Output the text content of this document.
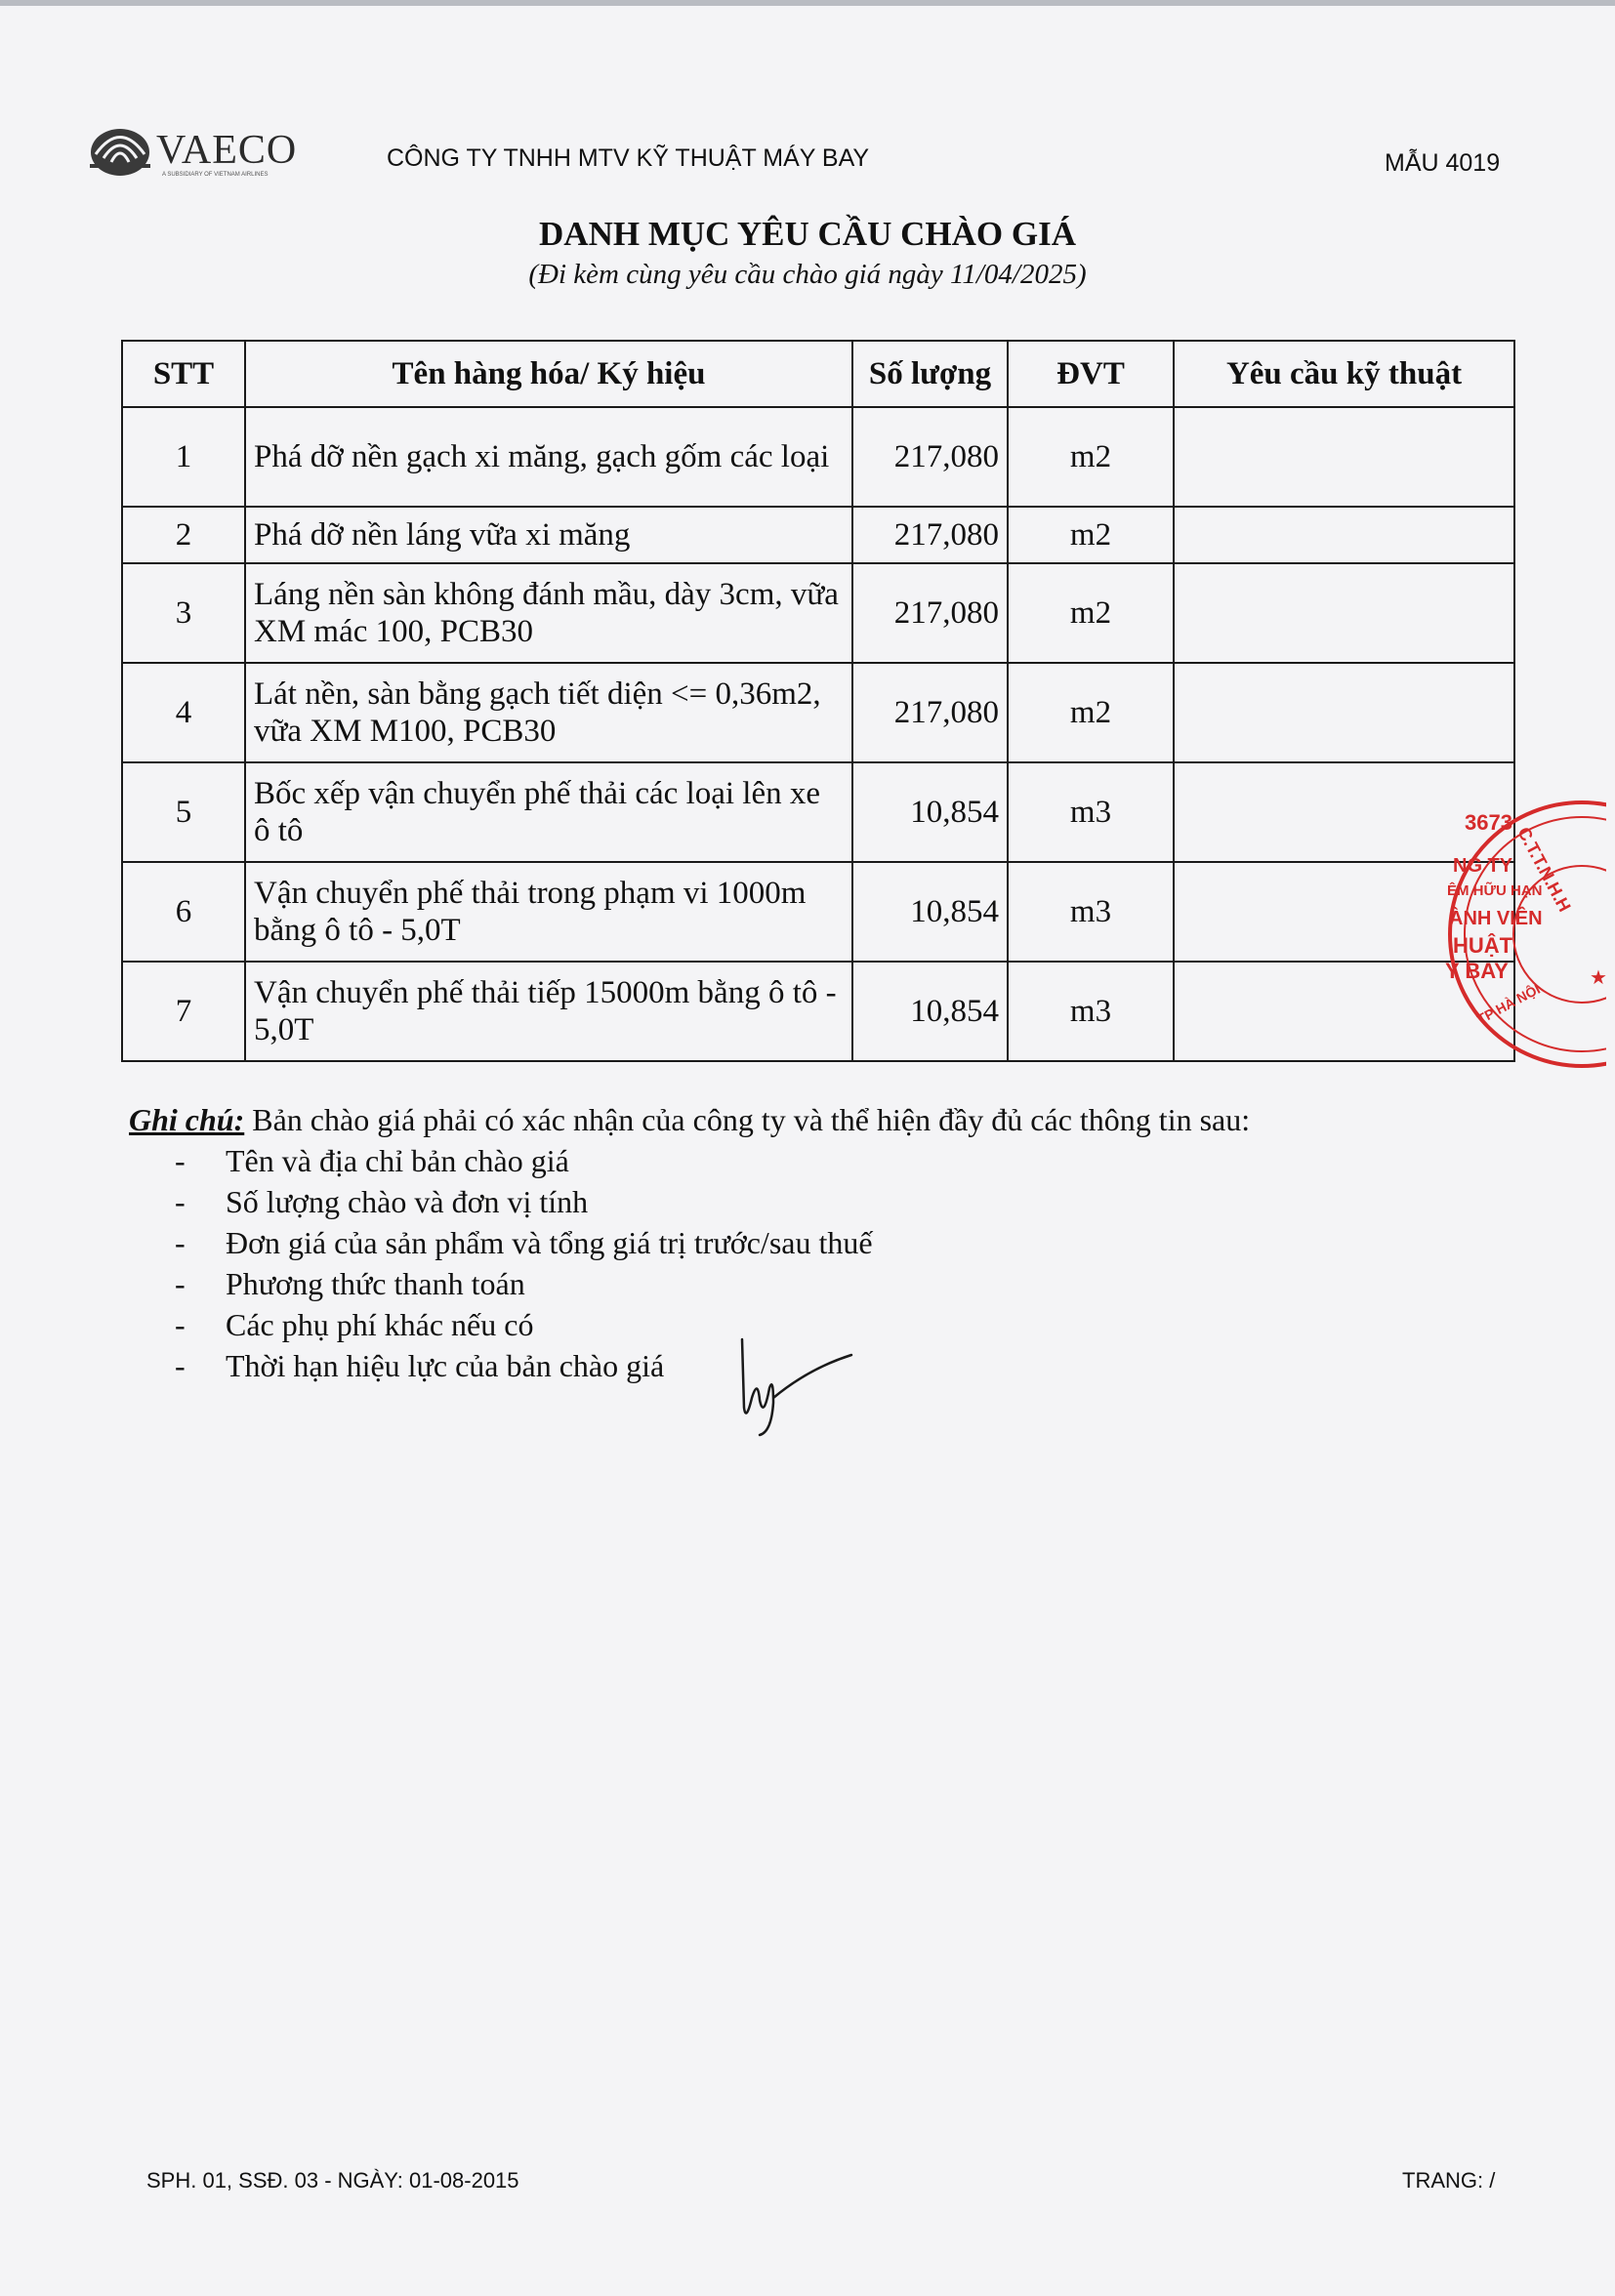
VAECO
A SUBSIDIARY OF VIETNAM AIRLINES
CÔNG TY TNHH MTV KỸ THUẬT MÁY BAY	MẪU 4019
DANH MỤC YÊU CẦU CHÀO GIÁ
(Đi kèm cùng yêu cầu chào giá ngày 11/04/2025)
STT	Tên hàng hóa/ Ký hiệu	Số lượng	ĐVT	Yêu cầu kỹ thuật
1	Phá dỡ nền gạch xi măng, gạch gốm các loại	217,080	m2	
2	Phá dỡ nền láng vữa xi măng	217,080	m2	
3	Láng nền sàn không đánh mầu, dày 3cm, vữa XM mác 100, PCB30	217,080	m2	
4	Lát nền, sàn bằng gạch tiết diện <= 0,36m2, vữa XM M100, PCB30	217,080	m2	
5	Bốc xếp vận chuyển phế thải các loại lên xe ô tô	10,854	m3	
6	Vận chuyển phế thải trong phạm vi 1000m bằng ô tô - 5,0T	10,854	m3	
7	Vận chuyển phế thải tiếp 15000m bằng ô tô - 5,0T	10,854	m3	
★
3673
C.T.T.N.H.H
NG TY
ÊM HỮU HẠN
ÀNH VIÊN
HUẬT
Y BAY
TP HÀ NỘI
Ghi chú: Bản chào giá phải có xác nhận của công ty và thể hiện đầy đủ các thông tin sau:
- Tên và địa chỉ bản chào giá
- Số lượng chào và đơn vị tính
- Đơn giá của sản phẩm và tổng giá trị trước/sau thuế
- Phương thức thanh toán
- Các phụ phí khác nếu có
- Thời hạn hiệu lực của bản chào giá
SPH. 01, SSĐ. 03 - NGÀY: 01-08-2015	TRANG: /
